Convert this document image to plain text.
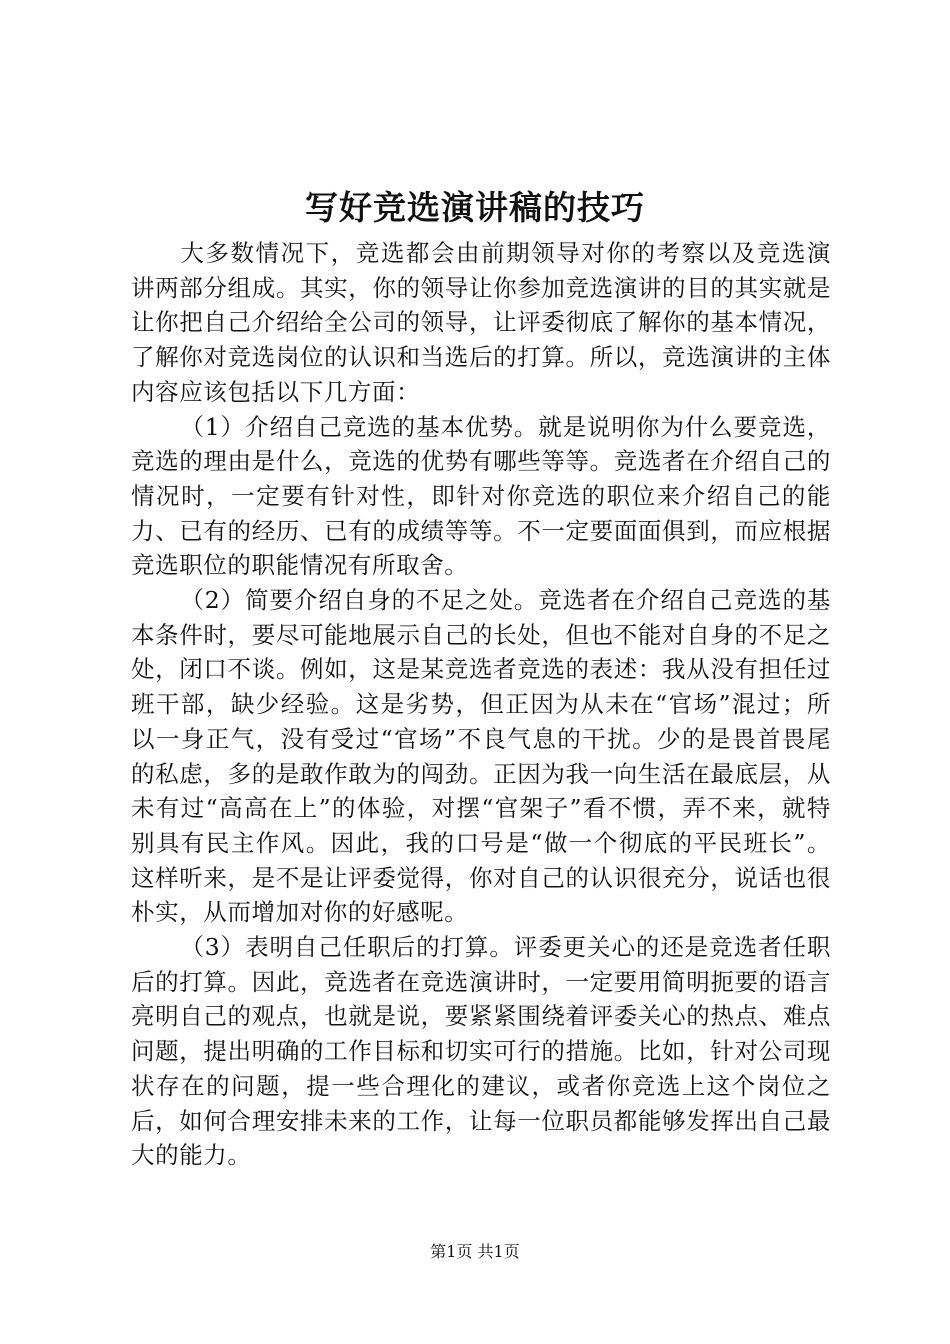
写好竞选演讲稿的技巧

大多数情况下，竞选都会由前期领导对你的考察以及竞选演讲两部分组成。其实，你的领导让你参加竞选演讲的目的其实就是让你把自己介绍给全公司的领导，让评委彻底了解你的基本情况，了解你对竞选岗位的认识和当选后的打算。所以，竞选演讲的主体内容应该包括以下几方面：

（1）介绍自己竞选的基本优势。就是说明你为什么要竞选，竞选的理由是什么，竞选的优势有哪些等等。竞选者在介绍自己的情况时，一定要有针对性，即针对你竞选的职位来介绍自己的能力、已有的经历、已有的成绩等等。不一定要面面俱到，而应根据竞选职位的职能情况有所取舍。

（2）简要介绍自身的不足之处。竞选者在介绍自己竞选的基本条件时，要尽可能地展示自己的长处，但也不能对自身的不足之处，闭口不谈。例如，这是某竞选者竞选的表述：我从没有担任过班干部，缺少经验。这是劣势，但正因为从未在“官场”混过；所以一身正气，没有受过“官场”不良气息的干扰。少的是畏首畏尾的私虑，多的是敢作敢为的闯劲。正因为我一向生活在最底层，从未有过“高高在上”的体验，对摆“官架子”看不惯，弄不来，就特别具有民主作风。因此，我的口号是“做一个彻底的平民班长”。这样听来，是不是让评委觉得，你对自己的认识很充分，说话也很朴实，从而增加对你的好感呢。

（3）表明自己任职后的打算。评委更关心的还是竞选者任职后的打算。因此，竞选者在竞选演讲时，一定要用简明扼要的语言亮明自己的观点，也就是说，要紧紧围绕着评委关心的热点、难点问题，提出明确的工作目标和切实可行的措施。比如，针对公司现状存在的问题，提一些合理化的建议，或者你竞选上这个岗位之后，如何合理安排未来的工作，让每一位职员都能够发挥出自己最大的能力。

第1页 共1页
